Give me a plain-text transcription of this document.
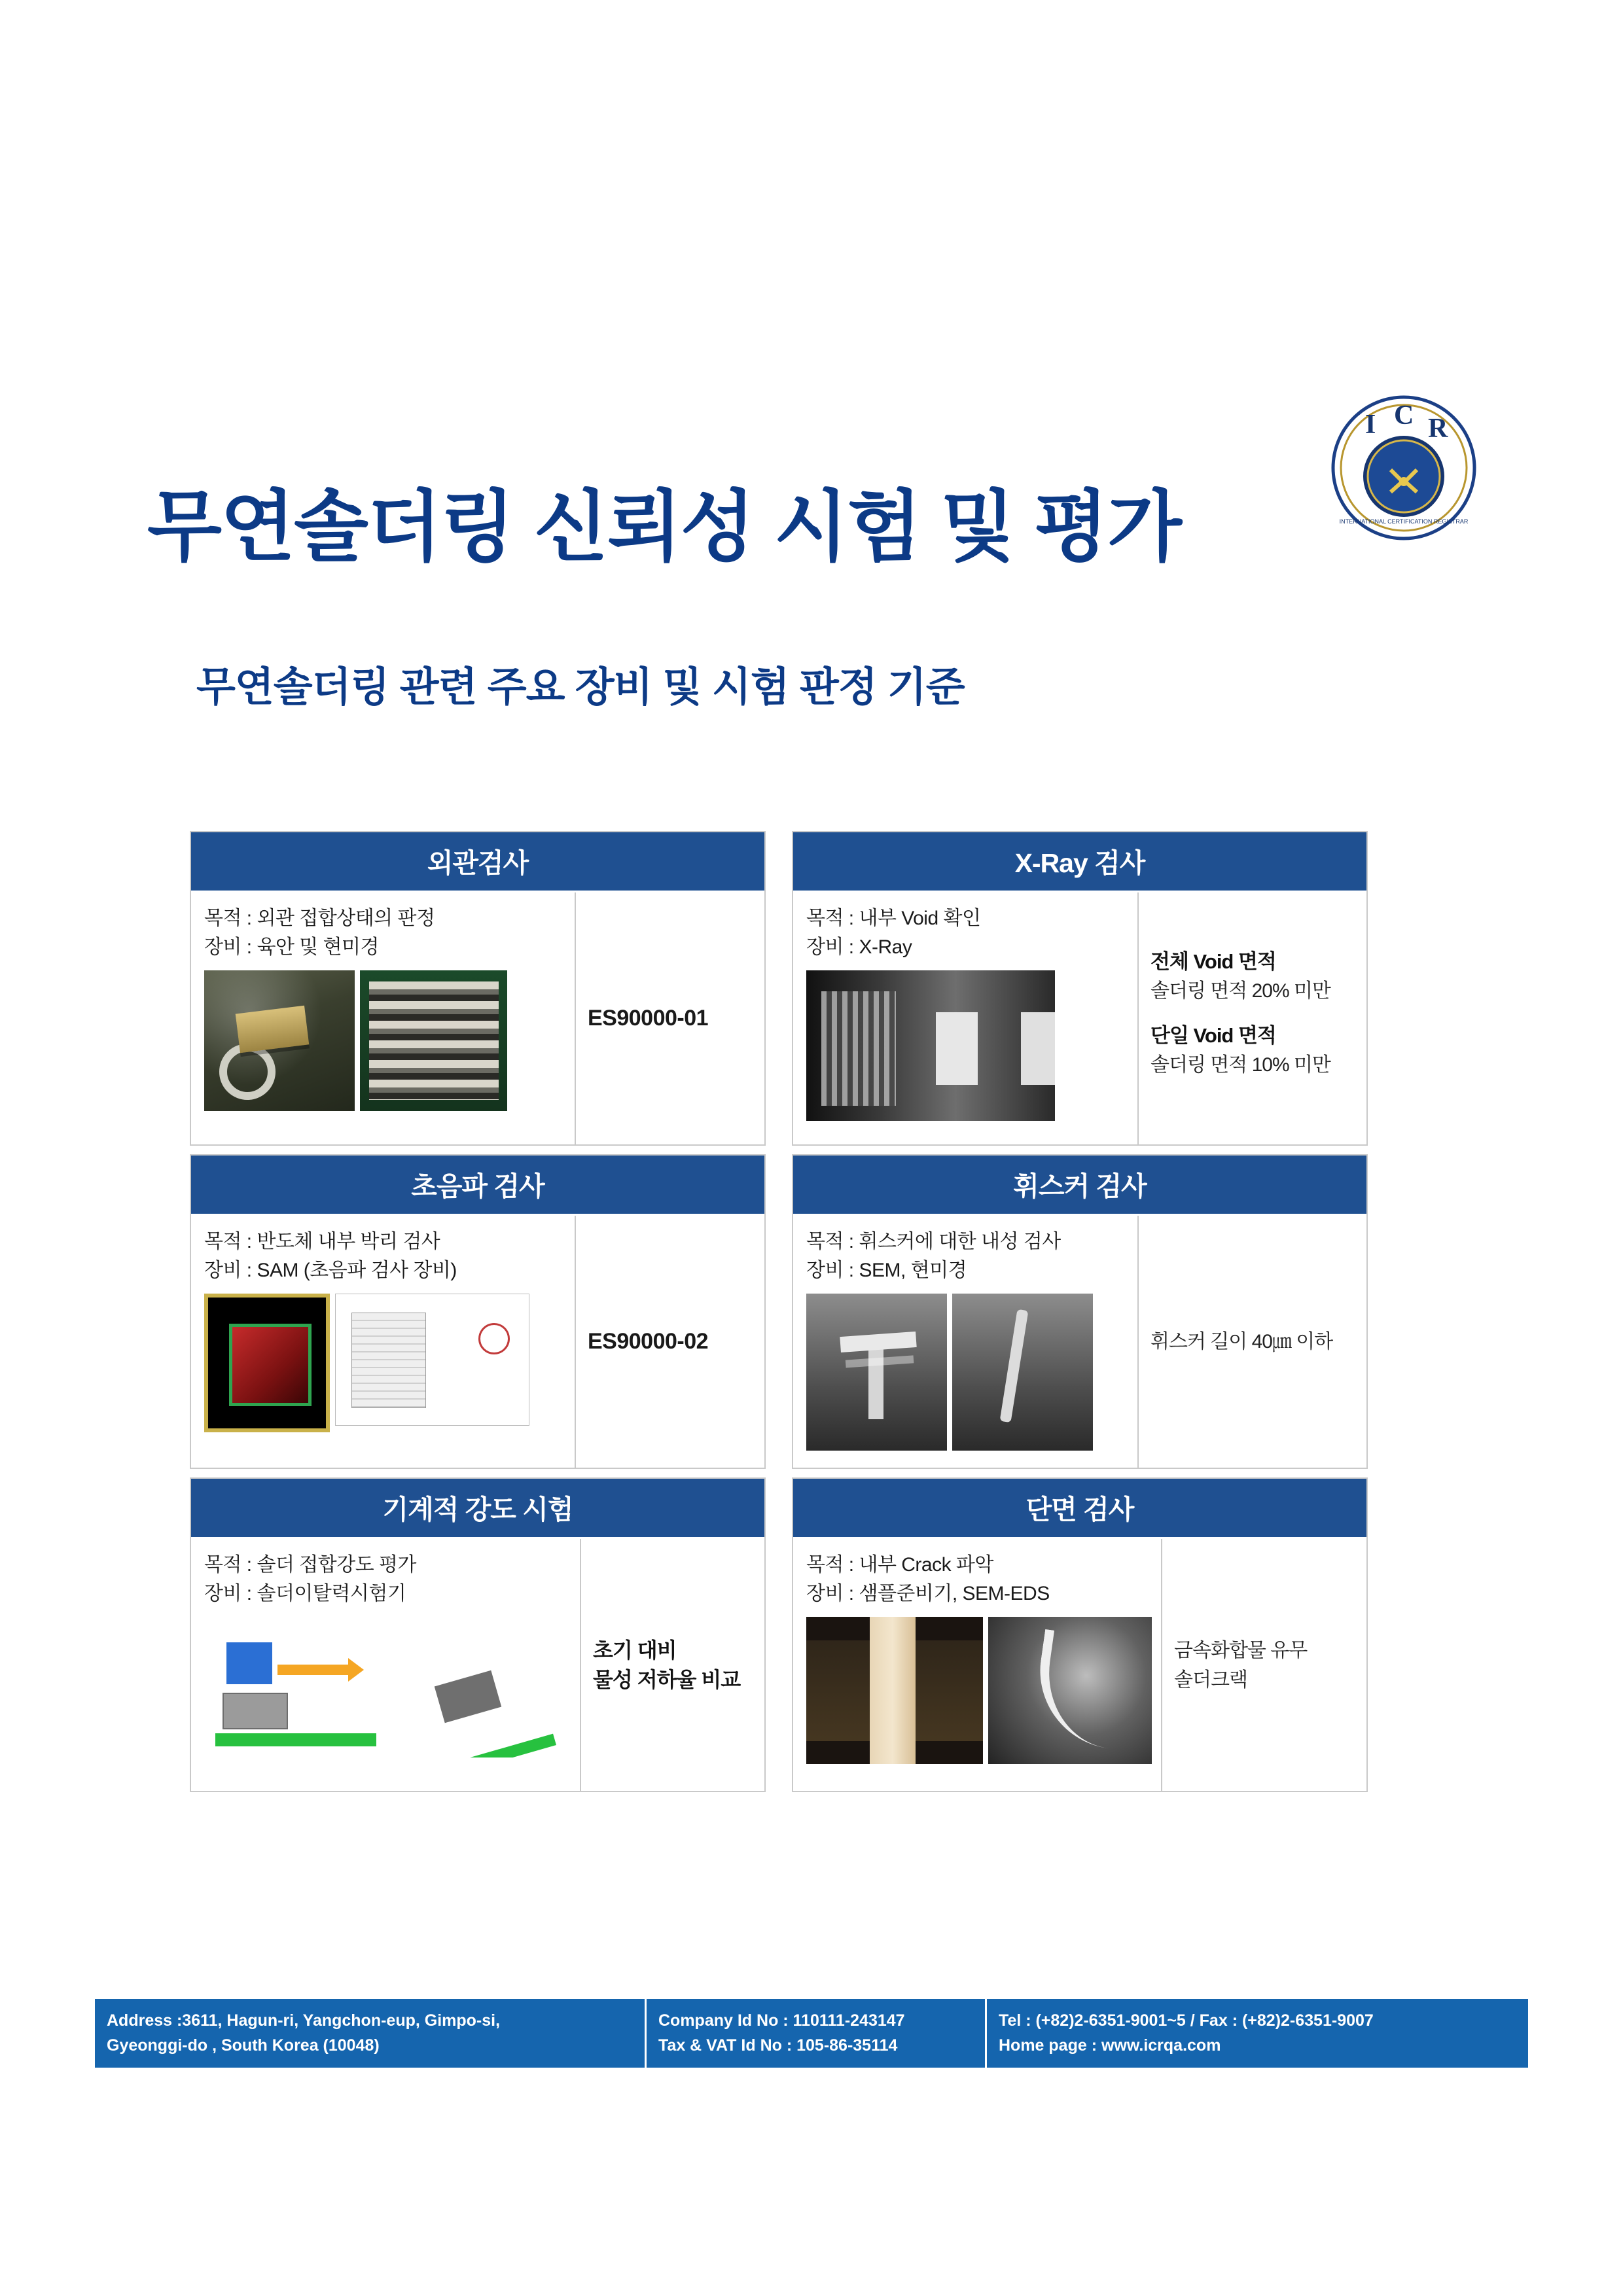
무연솔더링 신뢰성 시험 및 평가
I C R
INTERNATIONAL CERTIFICATION REGISTRAR
무연솔더링 관련 주요 장비 및 시험 판정 기준
외관검사
목적 : 외관 접합상태의 판정
장비 : 육안 및 현미경
ES90000-01
X-Ray 검사
목적 : 내부 Void 확인
장비 : X-Ray
전체 Void 면적
솔더링 면적 20% 미만
단일 Void 면적
솔더링 면적 10% 미만
초음파 검사
목적 : 반도체 내부 박리 검사
장비 : SAM (초음파 검사 장비)
ES90000-02
휘스커 검사
목적 : 휘스커에 대한 내성 검사
장비 : SEM, 현미경
휘스커 길이 40㎛ 이하
기계적 강도 시험
목적 : 솔더 접합강도 평가
장비 : 솔더이탈력시험기
초기 대비
물성 저하율 비교
단면 검사
목적 : 내부 Crack 파악
장비 : 샘플준비기, SEM-EDS
금속화합물 유무
솔더크랙
Address :3611, Hagun-ri, Yangchon-eup, Gimpo-si,
Gyeonggi-do , South Korea (10048)
Company Id No : 110111-243147
Tax & VAT Id No : 105-86-35114
Tel : (+82)2-6351-9001~5 / Fax : (+82)2-6351-9007
Home page : www.icrqa.com
